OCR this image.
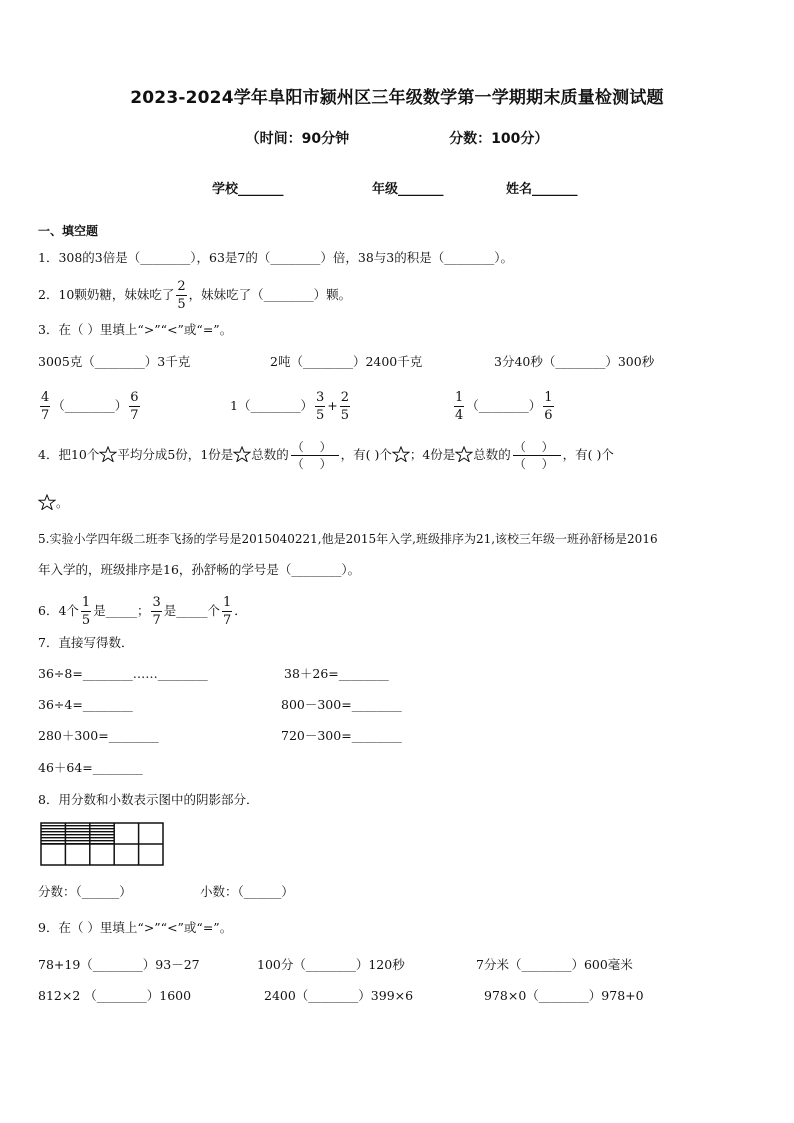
2023-2024学年阜阳市颍州区三年级数学第一学期期末质量检测试题
（时间：90分钟	分数：100分）
学校_______	年级_______	姓名_______
一、填空题
1．308的3倍是（________），63是7的（________）倍，38与3的积是（________）。
2．10颗奶糖，妹妹吃了 $\frac{2}{5}$ ，妹妹吃了（________）颗。
3．在（ ）里填上“>”“<”或“=”。
3005克（________）3千克	2吨（________）2400千克	3分40秒（________）300秒
$\frac{4}{7}$ （________） $\frac{6}{7}$	1（________） $\frac{3}{5} + \frac{2}{5}$	$\frac{1}{4}$ （________） $\frac{1}{6}$
4．把10个 平均分成5份，1份是 总数的 $\frac{( )}{( )}$ ，有( )个 ；4份是 总数的 $\frac{( )}{( )}$ ，有( )个
。
5.实验小学四年级二班李飞扬的学号是2015040221,他是2015年入学,班级排序为21,该校三年级一班孙舒杨是2016
年入学的，班级排序是16，孙舒畅的学号是（________）。
6．4个 $\frac{1}{5}$ 是_____； $\frac{3}{7}$ 是_____个 $\frac{1}{7}$ ．
7．直接写得数．
36÷8=________……________	38＋26=________
36÷4=________	800－300=________
280＋300=________	720－300=________
46＋64=________
8．用分数和小数表示图中的阴影部分．
分数：（______）	小数：（______）
9．在（ ）里填上“>”“<”或“=”。
78+19（________）93－27	100分（________）120秒	7分米（________）600毫米
812×2 （________）1600	2400（________）399×6	978×0（________）978+0
